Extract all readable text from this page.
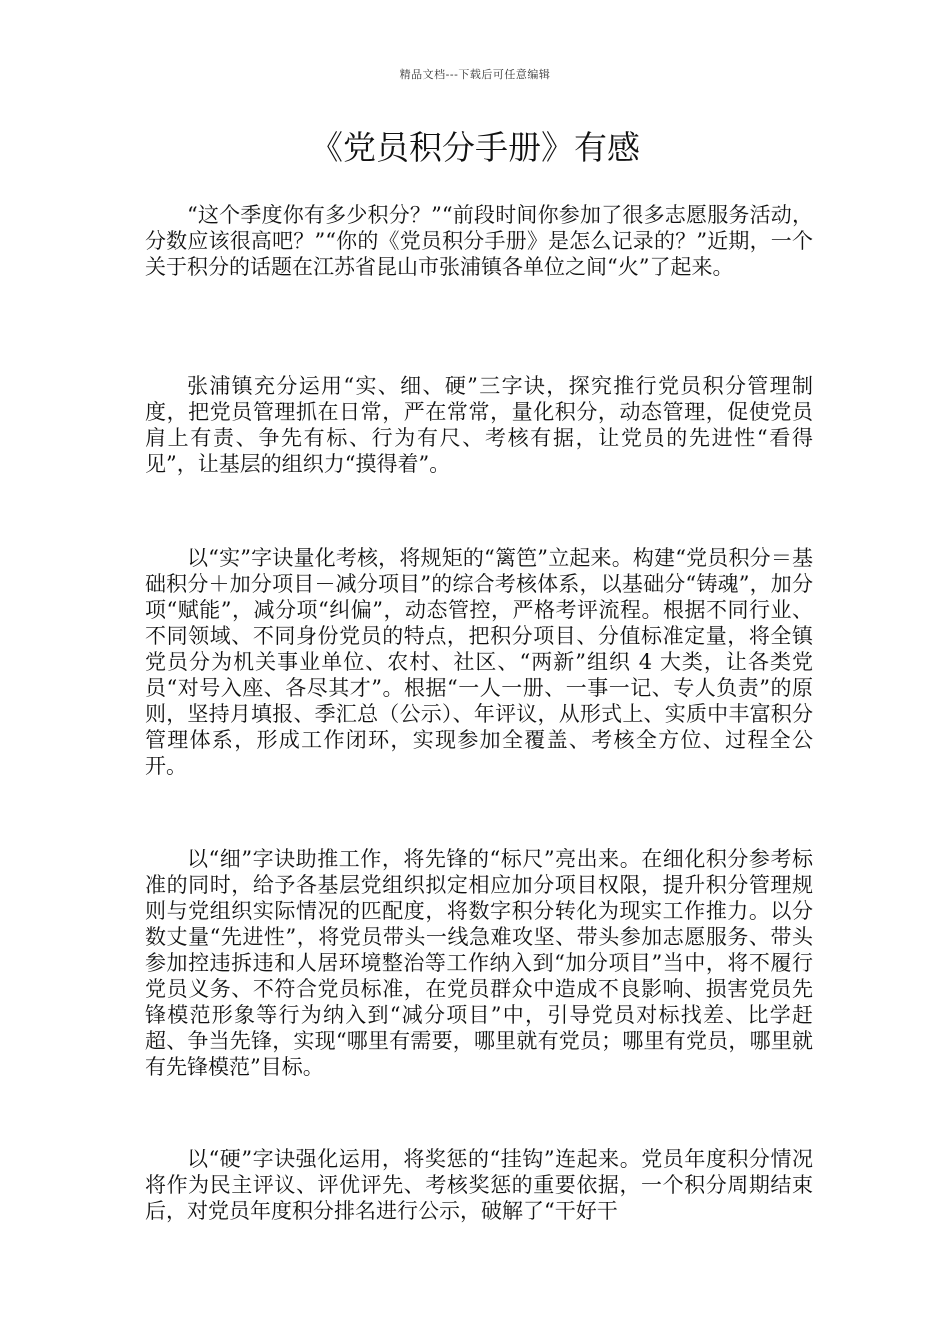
精品文档---下载后可任意编辑
《党员积分手册》有感

“这个季度你有多少积分？”“前段时间你参加了很多志愿服务活动，分数应该很高吧？”“你的《党员积分手册》是怎么记录的？”近期，一个关于积分的话题在江苏省昆山市张浦镇各单位之间“火”了起来。

张浦镇充分运用“实、细、硬”三字诀，探究推行党员积分管理制度，把党员管理抓在日常，严在常常，量化积分，动态管理，促使党员肩上有责、争先有标、行为有尺、考核有据，让党员的先进性“看得见”，让基层的组织力“摸得着”。

以“实”字诀量化考核，将规矩的“篱笆”立起来。构建“党员积分＝基础积分＋加分项目－减分项目”的综合考核体系，以基础分“铸魂”，加分项“赋能”，减分项“纠偏”，动态管控，严格考评流程。根据不同行业、不同领域、不同身份党员的特点，把积分项目、分值标准定量，将全镇党员分为机关事业单位、农村、社区、“两新”组织 4 大类，让各类党员“对号入座、各尽其才”。根据“一人一册、一事一记、专人负责”的原则，坚持月填报、季汇总（公示）、年评议，从形式上、实质中丰富积分管理体系，形成工作闭环，实现参加全覆盖、考核全方位、过程全公开。

以“细”字诀助推工作，将先锋的“标尺”亮出来。在细化积分参考标准的同时，给予各基层党组织拟定相应加分项目权限，提升积分管理规则与党组织实际情况的匹配度，将数字积分转化为现实工作推力。以分数丈量“先进性”，将党员带头一线急难攻坚、带头参加志愿服务、带头参加控违拆违和人居环境整治等工作纳入到“加分项目”当中，将不履行党员义务、不符合党员标准，在党员群众中造成不良影响、损害党员先锋模范形象等行为纳入到“减分项目”中，引导党员对标找差、比学赶超、争当先锋，实现“哪里有需要，哪里就有党员；哪里有党员，哪里就有先锋模范”目标。

以“硬”字诀强化运用，将奖惩的“挂钩”连起来。党员年度积分情况将作为民主评议、评优评先、考核奖惩的重要依据，一个积分周期结束后，对党员年度积分排名进行公示，破解了“干好干
